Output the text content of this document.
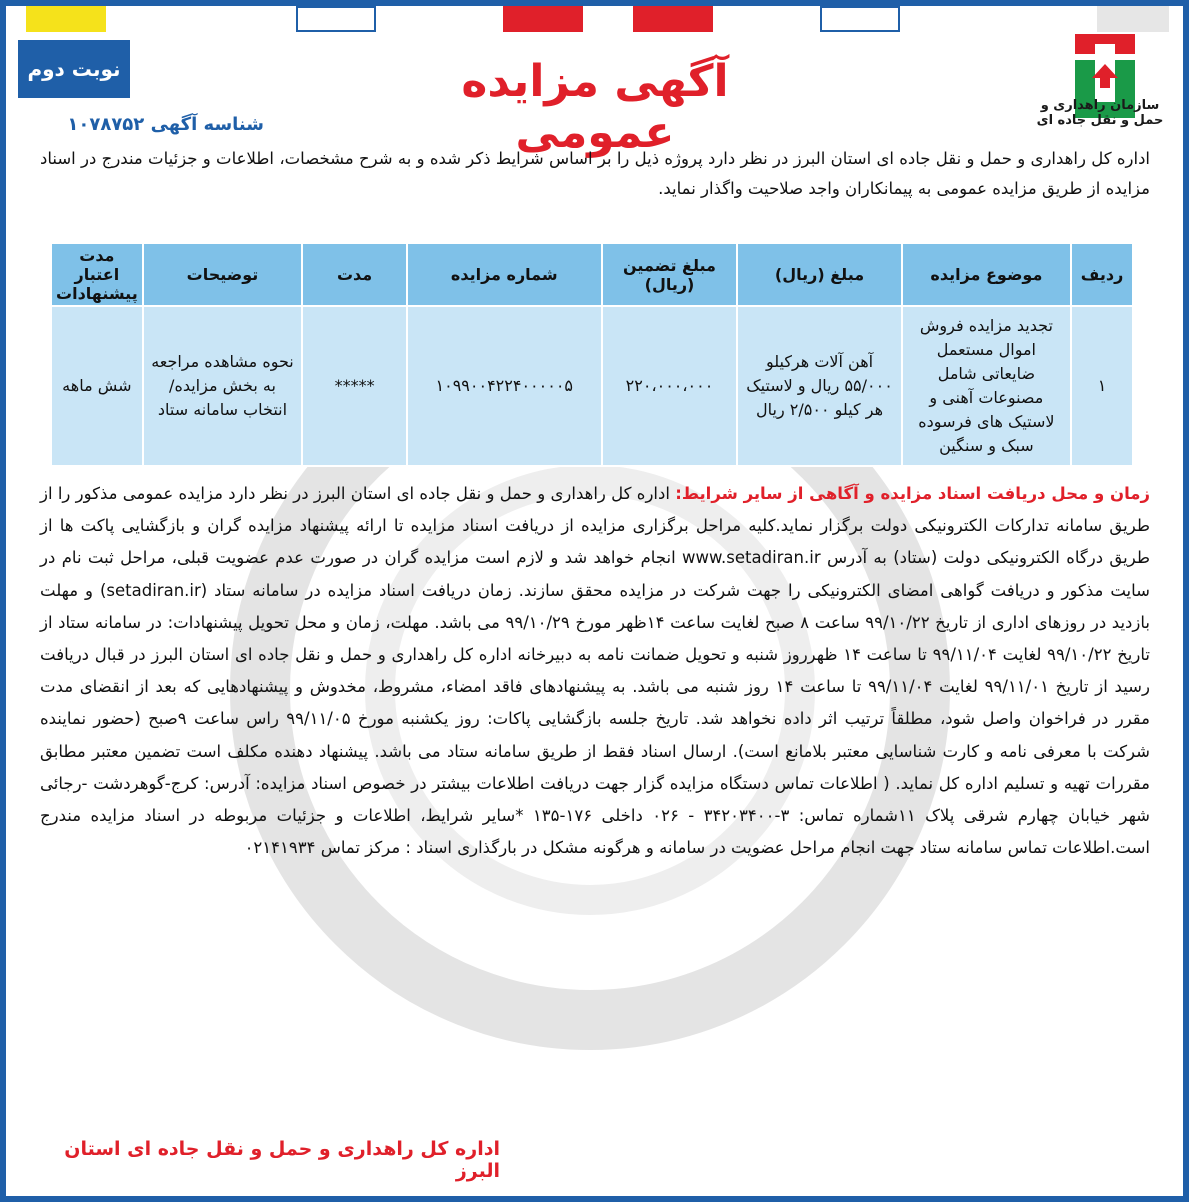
نوبت دوم	آگهی مزایده عمومی
سازمان راهداری و حمل و نقل جاده ای
شناسه آگهی ۱۰۷۸۷۵۲
اداره کل راهداری و حمل و نقل جاده ای استان البرز در نظر دارد پروژه ذیل را بر اساس شرایط ذکر شده و به شرح مشخصات، اطلاعات و جزئیات مندرج در اسناد مزایده از طریق مزایده عمومی به پیمانکاران واجد صلاحیت واگذار نماید.
ردیف	موضوع مزایده	مبلغ (ریال)	مبلغ تضمین (ریال)	شماره مزایده	مدت	توضیحات	مدت اعتبار پیشنهادات
۱	تجدید مزایده فروش اموال مستعمل ضایعاتی شامل مصنوعات آهنی و لاستیک های فرسوده سبک و سنگین	آهن آلات هرکیلو ۵۵/۰۰۰ ریال و لاستیک هر کیلو ۲/۵۰۰ ریال	۲۲۰،۰۰۰،۰۰۰	۱۰۹۹۰۰۴۲۲۴۰۰۰۰۰۵	*****	نحوه مشاهده مراجعه به بخش مزایده/انتخاب سامانه ستاد	شش ماهه
زمان و محل دریافت اسناد مزایده و آگاهی از سایر شرایط: اداره کل راهداری و حمل و نقل جاده ای استان البرز در نظر دارد مزایده عمومی مذکور را از طریق سامانه تدارکات الکترونیکی دولت برگزار نماید.کلیه مراحل برگزاری مزایده از دریافت اسناد مزایده تا ارائه پیشنهاد مزایده گران و بازگشایی پاکت ها از طریق درگاه الکترونیکی دولت (ستاد) به آدرس www.setadiran.ir انجام خواهد شد و لازم است مزایده گران در صورت عدم عضویت قبلی، مراحل ثبت نام در سایت مذکور و دریافت گواهی امضای الکترونیکی را جهت شرکت در مزایده محقق سازند. زمان دریافت اسناد مزایده در سامانه ستاد (setadiran.ir) و مهلت بازدید در روزهای اداری از تاریخ ۹۹/۱۰/۲۲ ساعت ۸ صبح لغایت ساعت ۱۴ظهر مورخ ۹۹/۱۰/۲۹ می باشد. مهلت، زمان و محل تحویل پیشنهادات: در سامانه ستاد از تاریخ ۹۹/۱۰/۲۲ لغایت ۹۹/۱۱/۰۴ تا ساعت ۱۴ ظهرروز شنبه و تحویل ضمانت نامه به دبیرخانه اداره کل راهداری و حمل و نقل جاده ای استان البرز در قبال دریافت رسید از تاریخ ۹۹/۱۱/۰۱ لغایت ۹۹/۱۱/۰۴ تا ساعت ۱۴ روز شنبه می باشد. به پیشنهادهای فاقد امضاء، مشروط، مخدوش و پیشنهادهایی که بعد از انقضای مدت مقرر در فراخوان واصل شود، مطلقاً ترتیب اثر داده نخواهد شد. تاریخ جلسه بازگشایی پاکات: روز یکشنبه مورخ ۹۹/۱۱/۰۵ راس ساعت ۹صبح (حضور نماینده شرکت با معرفی نامه و کارت شناسایی معتبر بلامانع است). ارسال اسناد فقط از طریق سامانه ستاد می باشد. پیشنهاد دهنده مکلف است تضمین معتبر مطابق مقررات تهیه و تسلیم اداره کل نماید. ( اطلاعات تماس دستگاه مزایده گزار جهت دریافت اطلاعات بیشتر در خصوص اسناد مزایده: آدرس: کرج-گوهردشت -رجائی شهر خیابان چهارم شرقی پلاک ۱۱شماره تماس: ۳-۳۴۲۰۳۴۰۰ - ۰۲۶ داخلی ۱۷۶-۱۳۵ *سایر شرایط، اطلاعات و جزئیات مربوطه در اسناد مزایده مندرج است.اطلاعات تماس سامانه ستاد جهت انجام مراحل عضویت در سامانه و هرگونه مشکل در بارگذاری اسناد : مرکز تماس ۰۲۱۴۱۹۳۴
اداره کل راهداری و حمل و نقل جاده ای استان البرز
